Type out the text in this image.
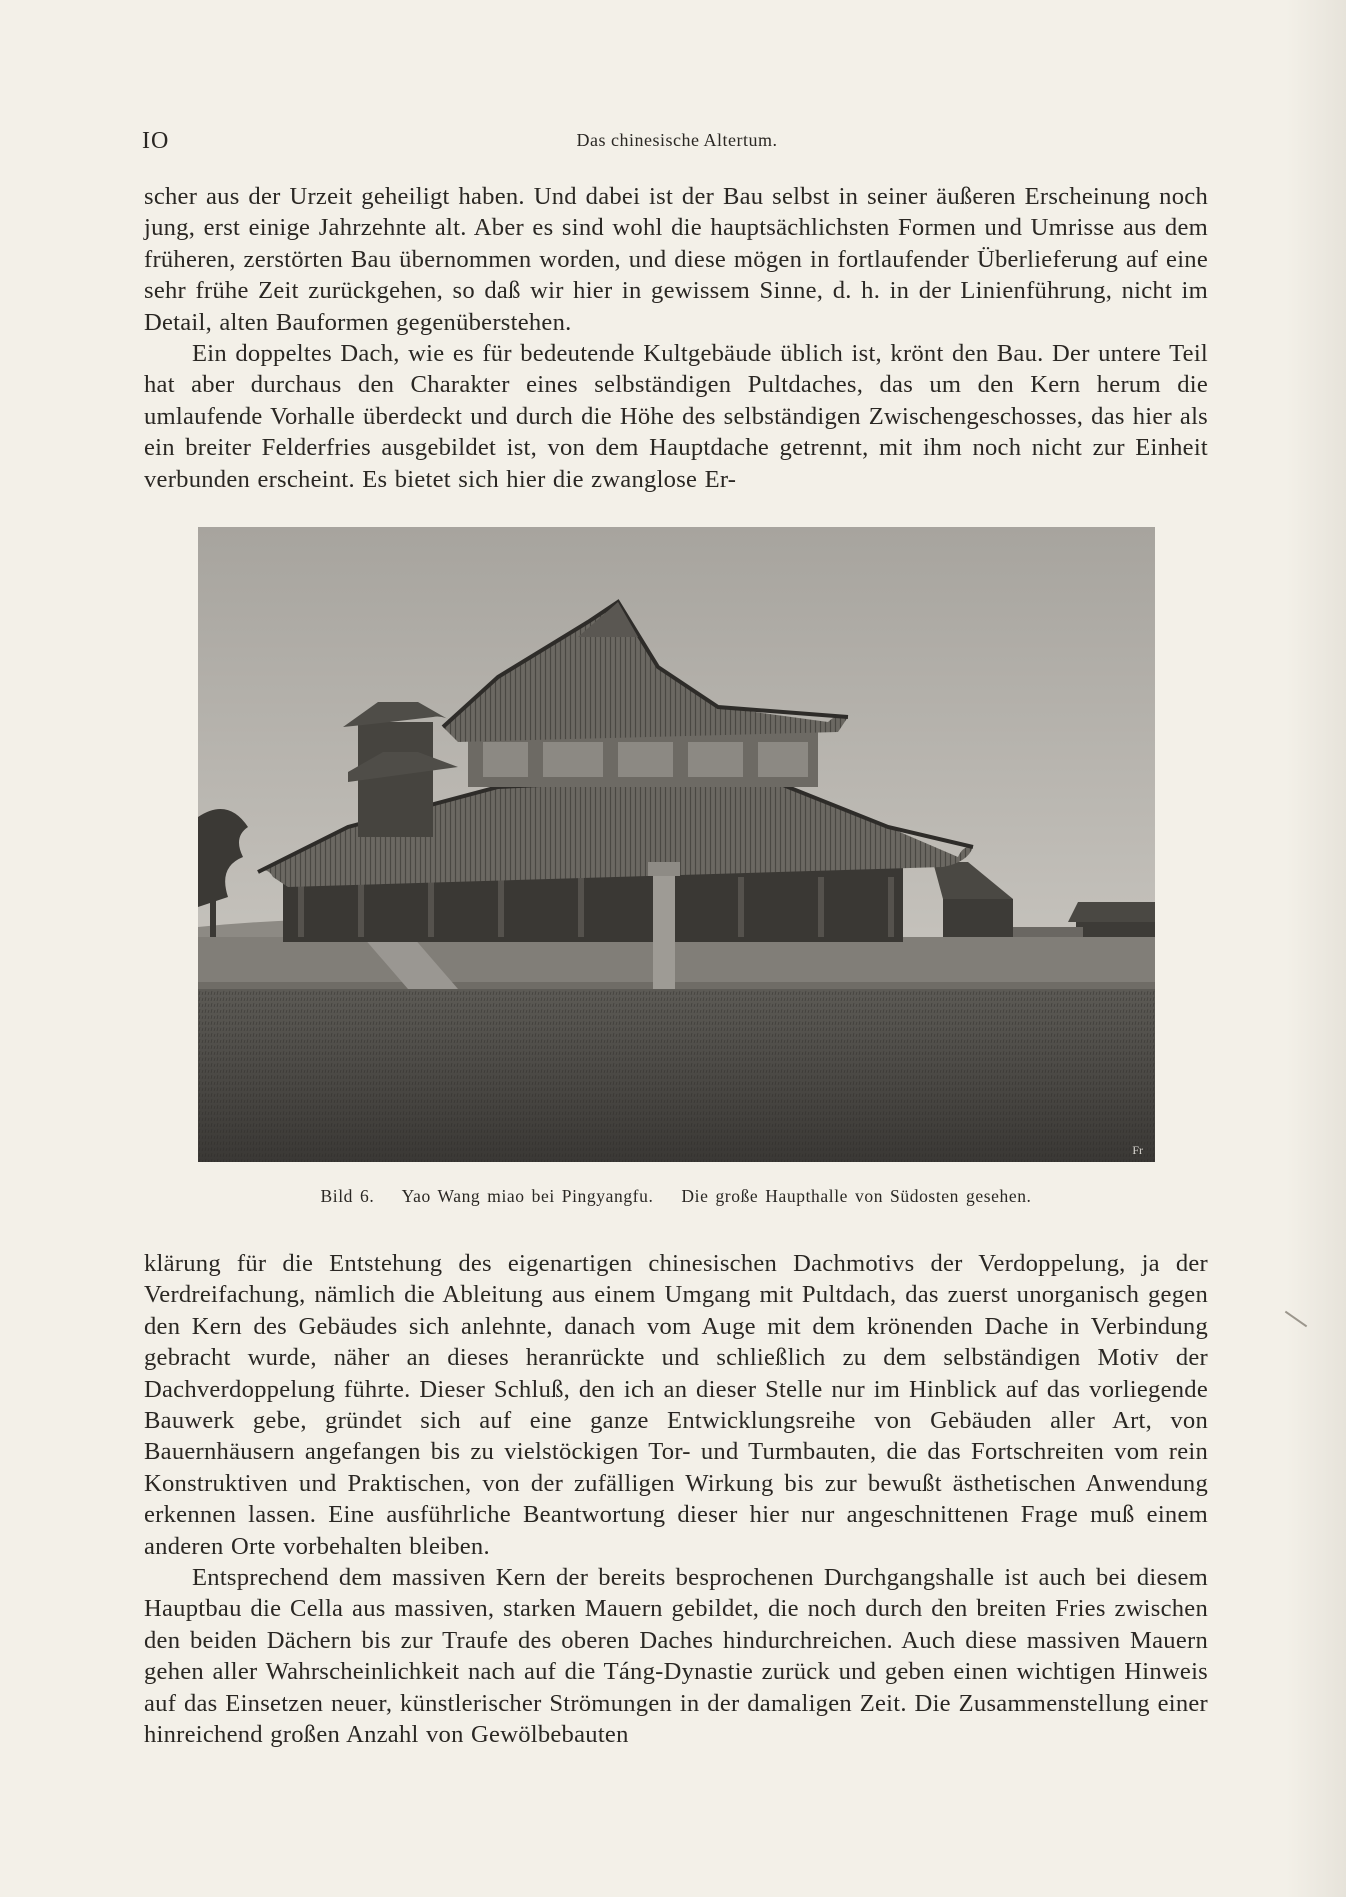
IO	Das chinesische Altertum.

scher aus der Urzeit geheiligt haben. Und dabei ist der Bau selbst in seiner äußeren Erscheinung noch jung, erst einige Jahrzehnte alt. Aber es sind wohl die hauptsächlichsten Formen und Umrisse aus dem früheren, zerstörten Bau übernommen worden, und diese mögen in fortlaufender Überlieferung auf eine sehr frühe Zeit zurückgehen, so daß wir hier in gewissem Sinne, d. h. in der Linienführung, nicht im Detail, alten Bauformen gegenüberstehen.

Ein doppeltes Dach, wie es für bedeutende Kultgebäude üblich ist, krönt den Bau. Der untere Teil hat aber durchaus den Charakter eines selbständigen Pultdaches, das um den Kern herum die umlaufende Vorhalle überdeckt und durch die Höhe des selbständigen Zwischengeschosses, das hier als ein breiter Felderfries ausgebildet ist, von dem Hauptdache getrennt, mit ihm noch nicht zur Einheit verbunden erscheint. Es bietet sich hier die zwanglose Er-

Fr
Bild 6. Yao Wang miao bei Pingyangfu. Die große Haupthalle von Südosten gesehen.

klärung für die Entstehung des eigenartigen chinesischen Dachmotivs der Verdoppelung, ja der Verdreifachung, nämlich die Ableitung aus einem Umgang mit Pultdach, das zuerst unorganisch gegen den Kern des Gebäudes sich anlehnte, danach vom Auge mit dem krönenden Dache in Verbindung gebracht wurde, näher an dieses heranrückte und schließlich zu dem selbständigen Motiv der Dachverdoppelung führte. Dieser Schluß, den ich an dieser Stelle nur im Hinblick auf das vorliegende Bauwerk gebe, gründet sich auf eine ganze Entwicklungsreihe von Gebäuden aller Art, von Bauernhäusern angefangen bis zu vielstöckigen Tor- und Turmbauten, die das Fortschreiten vom rein Konstruktiven und Praktischen, von der zufälligen Wirkung bis zur bewußt ästhetischen Anwendung erkennen lassen. Eine ausführliche Beantwortung dieser hier nur angeschnittenen Frage muß einem anderen Orte vorbehalten bleiben.

Entsprechend dem massiven Kern der bereits besprochenen Durchgangshalle ist auch bei diesem Hauptbau die Cella aus massiven, starken Mauern gebildet, die noch durch den breiten Fries zwischen den beiden Dächern bis zur Traufe des oberen Daches hindurchreichen. Auch diese massiven Mauern gehen aller Wahrscheinlichkeit nach auf die Táng-Dynastie zurück und geben einen wichtigen Hinweis auf das Einsetzen neuer, künstlerischer Strömungen in der damaligen Zeit. Die Zusammenstellung einer hinreichend großen Anzahl von Gewölbebauten
